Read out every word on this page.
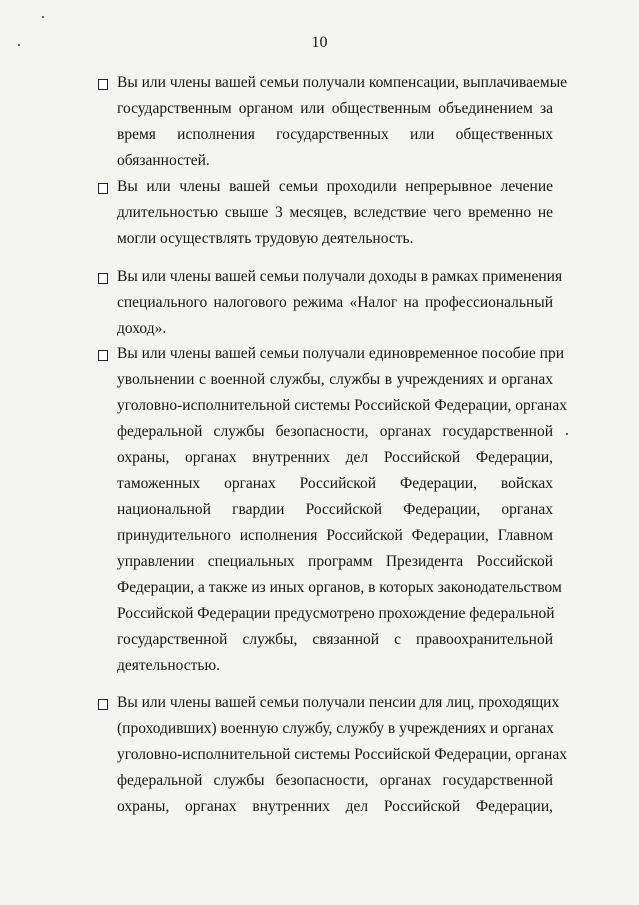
10
Вы или члены вашей семьи получали компенсации, выплачиваемые
государственным органом или общественным объединением за
время исполнения государственных или общественных
обязанностей.
Вы или члены вашей семьи проходили непрерывное лечение
длительностью свыше 3 месяцев, вследствие чего временно не
могли осуществлять трудовую деятельность.
Вы или члены вашей семьи получали доходы в рамках применения
специального налогового режима «Налог на профессиональный
доход».
Вы или члены вашей семьи получали единовременное пособие при
увольнении с военной службы, службы в учреждениях и органах
уголовно-исполнительной системы Российской Федерации, органах
федеральной службы безопасности, органах государственной
охраны, органах внутренних дел Российской Федерации,
таможенных органах Российской Федерации, войсках
национальной гвардии Российской Федерации, органах
принудительного исполнения Российской Федерации, Главном
управлении специальных программ Президента Российской
Федерации, а также из иных органов, в которых законодательством
Российской Федерации предусмотрено прохождение федеральной
государственной службы, связанной с правоохранительной
деятельностью.
Вы или члены вашей семьи получали пенсии для лиц, проходящих
(проходивших) военную службу, службу в учреждениях и органах
уголовно-исполнительной системы Российской Федерации, органах
федеральной службы безопасности, органах государственной
охраны, органах внутренних дел Российской Федерации,
